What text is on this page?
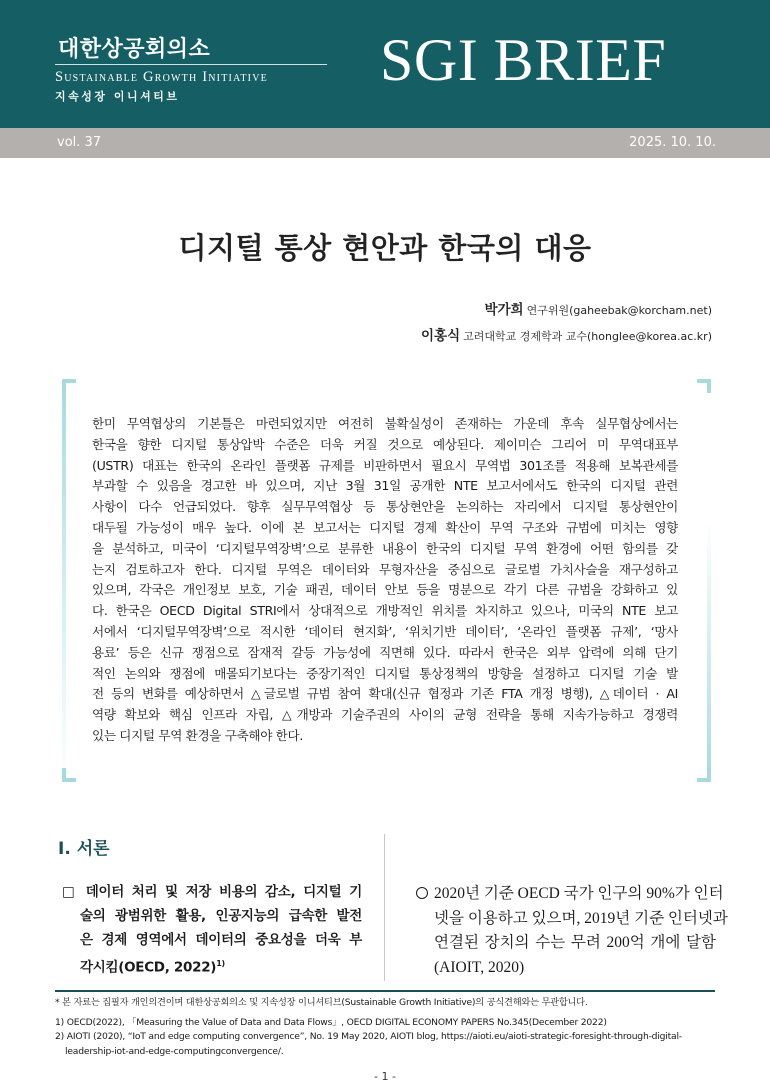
대한상공회의소
Sustainable Growth Initiative
지속성장 이니셔티브
SGI BRIEF
vol. 37	2025. 10. 10.
디지털 통상 현안과 한국의 대응
박가희 연구위원(gaheebak@korcham.net)
이홍식 고려대학교 경제학과 교수(honglee@korea.ac.kr)
한미 무역협상의 기본틀은 마련되었지만 여전히 불확실성이 존재하는 가운데 후속 실무협상에서는
한국을 향한 디지털 통상압박 수준은 더욱 커질 것으로 예상된다. 제이미슨 그리어 미 무역대표부
(USTR) 대표는 한국의 온라인 플랫폼 규제를 비판하면서 필요시 무역법 301조를 적용해 보복관세를
부과할 수 있음을 경고한 바 있으며, 지난 3월 31일 공개한 NTE 보고서에서도 한국의 디지털 관련
사항이 다수 언급되었다. 향후 실무무역협상 등 통상현안을 논의하는 자리에서 디지털 통상현안이
대두될 가능성이 매우 높다. 이에 본 보고서는 디지털 경제 확산이 무역 구조와 규범에 미치는 영향
을 분석하고, 미국이 ‘디지털무역장벽’으로 분류한 내용이 한국의 디지털 무역 환경에 어떤 함의를 갖
는지 검토하고자 한다. 디지털 무역은 데이터와 무형자산을 중심으로 글로벌 가치사슬을 재구성하고
있으며, 각국은 개인정보 보호, 기술 패권, 데이터 안보 등을 명분으로 각기 다른 규범을 강화하고 있
다. 한국은 OECD Digital STRI에서 상대적으로 개방적인 위치를 차지하고 있으나, 미국의 NTE 보고
서에서 ‘디지털무역장벽’으로 적시한 ‘데이터 현지화’, ‘위치기반 데이터’, ‘온라인 플랫폼 규제’, ‘망사
용료’ 등은 신규 쟁점으로 잠재적 갈등 가능성에 직면해 있다. 따라서 한국은 외부 압력에 의해 단기
적인 논의와 쟁점에 매몰되기보다는 중장기적인 디지털 통상정책의 방향을 설정하고 디지털 기술 발
전 등의 변화를 예상하면서 △글로벌 규범 참여 확대(신규 협정과 기존 FTA 개정 병행), △데이터 · AI
역량 확보와 핵심 인프라 자립, △개방과 기술주권의 사이의 균형 전략을 통해 지속가능하고 경쟁력
있는 디지털 무역 환경을 구축해야 한다.
Ⅰ. 서론
□ 데이터 처리 및 저장 비용의 감소, 디지털 기
술의 광범위한 활용, 인공지능의 급속한 발전
은 경제 영역에서 데이터의 중요성을 더욱 부
각시킴(OECD, 2022)$^{1)}$
2020년 기준 OECD 국가 인구의 90%가 인터
넷을 이용하고 있으며, 2019년 기준 인터넷과
연결된 장치의 수는 무려 200억 개에 달함
(AIOIT, 2020)
* 본 자료는 집필자 개인의견이며 대한상공회의소 및 지속성장 이니셔티브(Sustainable Growth Initiative)의 공식견해와는 무관합니다.
1) OECD(2022), 「Measuring the Value of Data and Data Flows」, OECD DIGITAL ECONOMY PAPERS No.345(December 2022)
2) AIOTI (2020), “IoT and edge computing convergence”, No. 19 May 2020, AIOTI blog, https://aioti.eu/aioti-strategic-foresight-through-digital-
leadership-iot-and-edge-computingconvergence/.
- 1 -
